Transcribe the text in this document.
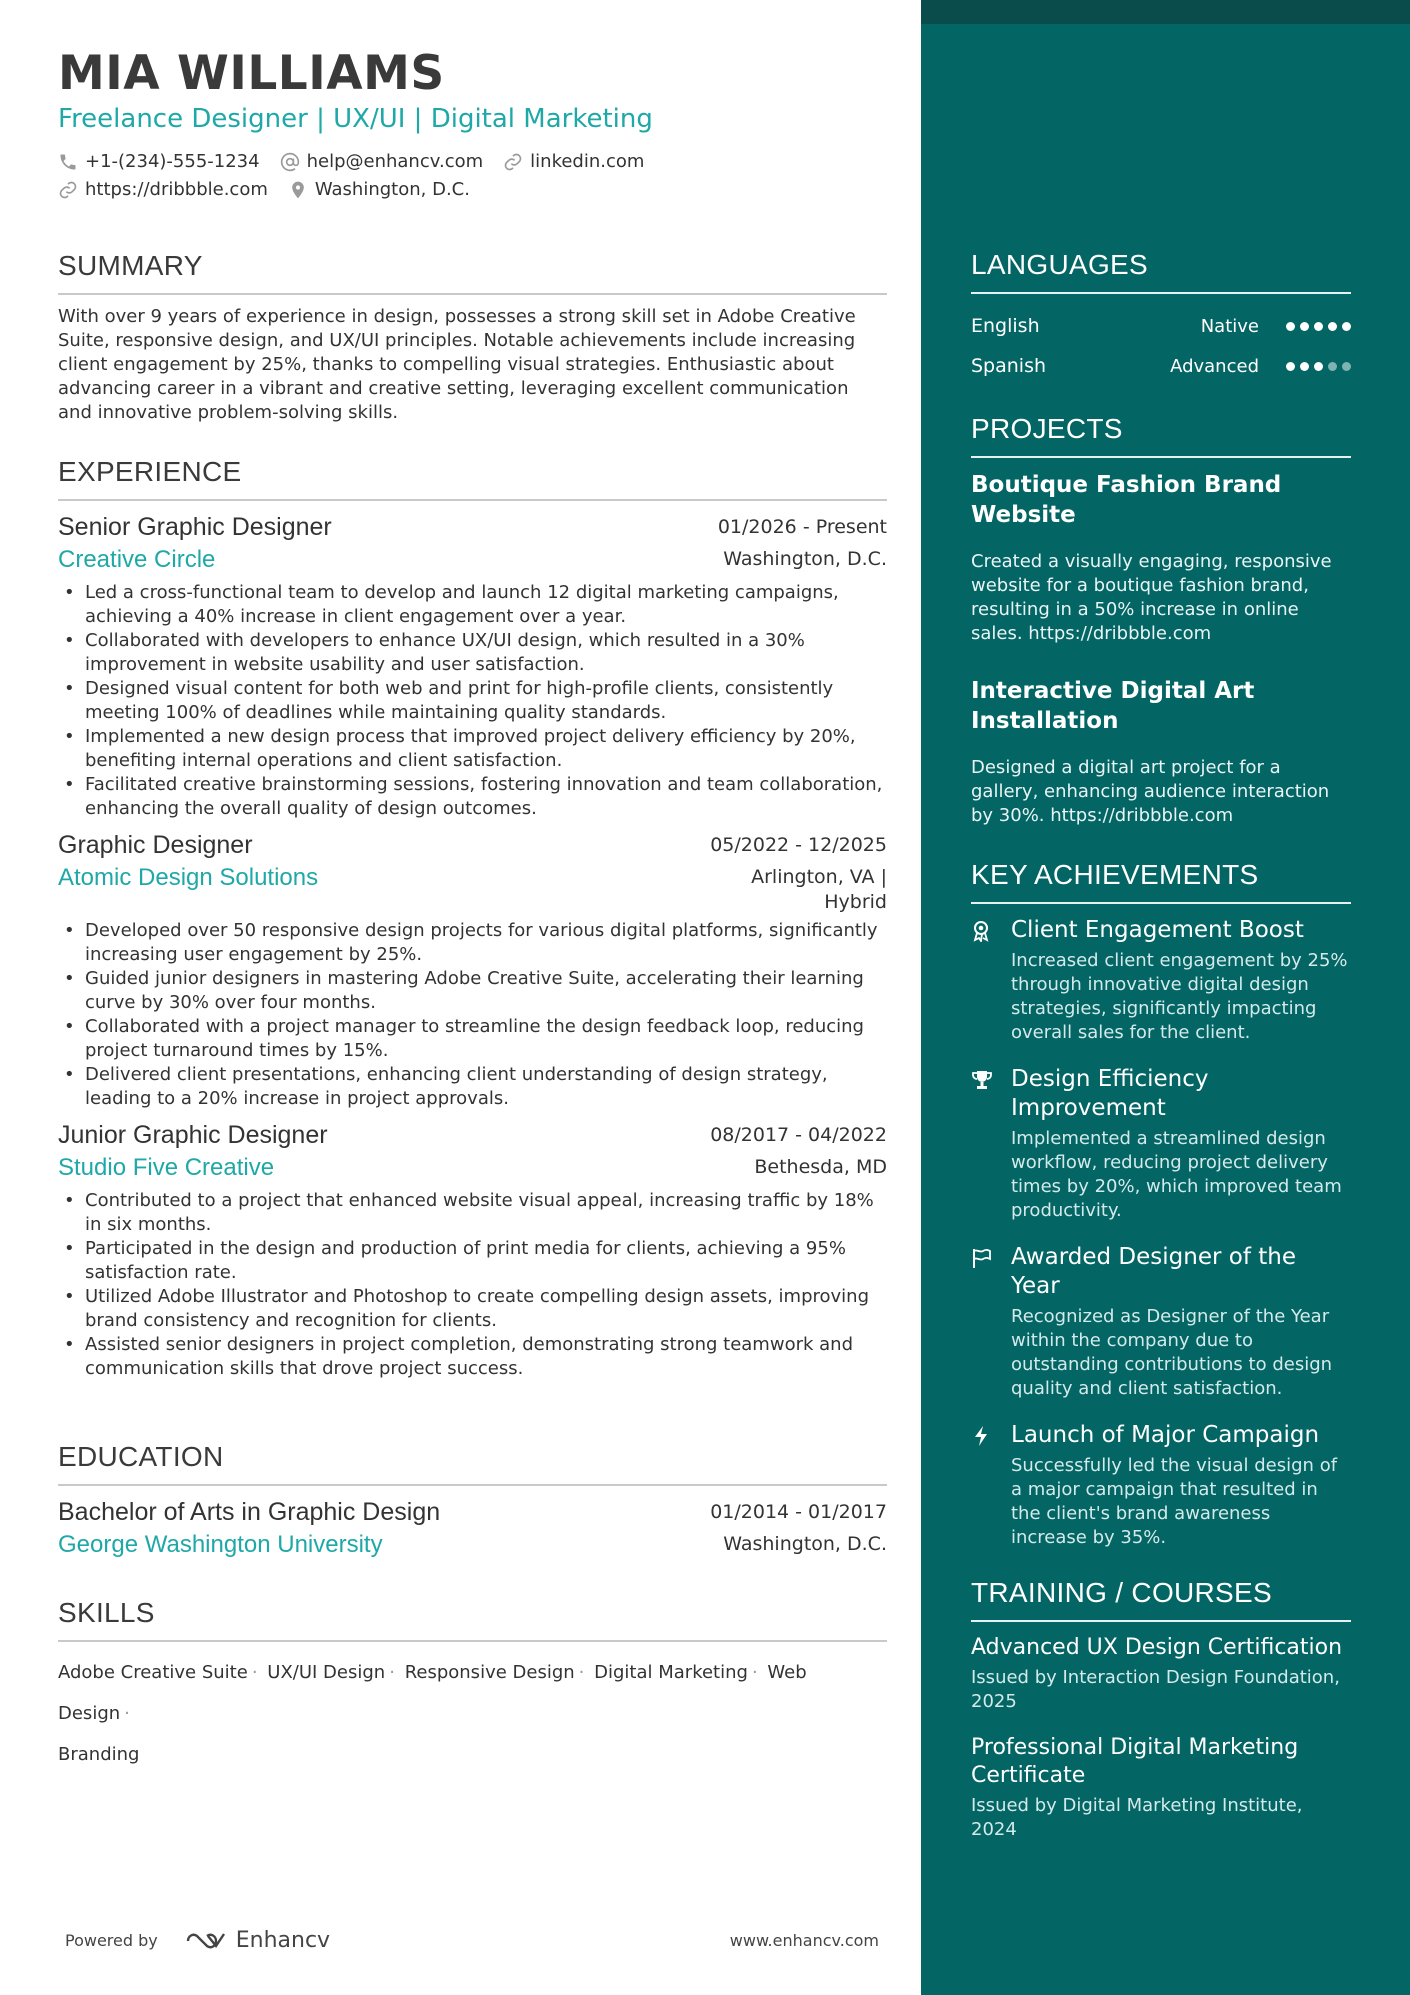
MIA WILLIAMS
Freelance Designer | UX/UI | Digital Marketing
+1-(234)-555-1234	help@enhancv.com	linkedin.com
https://dribbble.com	Washington, D.C.
SUMMARY
With over 9 years of experience in design, possesses a strong skill set in Adobe Creative Suite, responsive design, and UX/UI principles. Notable achievements include increasing client engagement by 25%, thanks to compelling visual strategies. Enthusiastic about advancing career in a vibrant and creative setting, leveraging excellent communication and innovative problem-solving skills.
EXPERIENCE
Senior Graphic Designer	01/2026 - Present
Creative Circle	Washington, D.C.
• Led a cross-functional team to develop and launch 12 digital marketing campaigns, achieving a 40% increase in client engagement over a year.
• Collaborated with developers to enhance UX/UI design, which resulted in a 30% improvement in website usability and user satisfaction.
• Designed visual content for both web and print for high-profile clients, consistently meeting 100% of deadlines while maintaining quality standards.
• Implemented a new design process that improved project delivery efficiency by 20%, benefiting internal operations and client satisfaction.
• Facilitated creative brainstorming sessions, fostering innovation and team collaboration, enhancing the overall quality of design outcomes.
Graphic Designer	05/2022 - 12/2025
Atomic Design Solutions	Arlington, VA | Hybrid
• Developed over 50 responsive design projects for various digital platforms, significantly increasing user engagement by 25%.
• Guided junior designers in mastering Adobe Creative Suite, accelerating their learning curve by 30% over four months.
• Collaborated with a project manager to streamline the design feedback loop, reducing project turnaround times by 15%.
• Delivered client presentations, enhancing client understanding of design strategy, leading to a 20% increase in project approvals.
Junior Graphic Designer	08/2017 - 04/2022
Studio Five Creative	Bethesda, MD
• Contributed to a project that enhanced website visual appeal, increasing traffic by 18% in six months.
• Participated in the design and production of print media for clients, achieving a 95% satisfaction rate.
• Utilized Adobe Illustrator and Photoshop to create compelling design assets, improving brand consistency and recognition for clients.
• Assisted senior designers in project completion, demonstrating strong teamwork and communication skills that drove project success.
EDUCATION
Bachelor of Arts in Graphic Design	01/2014 - 01/2017
George Washington University	Washington, D.C.
SKILLS
Adobe Creative Suite · UX/UI Design · Responsive Design · Digital Marketing · Web Design ·
Branding
Powered by	Enhancv	www.enhancv.com
LANGUAGES
English	Native
Spanish	Advanced
PROJECTS
Boutique Fashion Brand Website
Created a visually engaging, responsive website for a boutique fashion brand, resulting in a 50% increase in online sales. https://dribbble.com
Interactive Digital Art Installation
Designed a digital art project for a gallery, enhancing audience interaction by 30%. https://dribbble.com
KEY ACHIEVEMENTS
Client Engagement Boost
Increased client engagement by 25% through innovative digital design strategies, significantly impacting overall sales for the client.
Design Efficiency Improvement
Implemented a streamlined design workflow, reducing project delivery times by 20%, which improved team productivity.
Awarded Designer of the Year
Recognized as Designer of the Year within the company due to outstanding contributions to design quality and client satisfaction.
Launch of Major Campaign
Successfully led the visual design of a major campaign that resulted in the client's brand awareness increase by 35%.
TRAINING / COURSES
Advanced UX Design Certification
Issued by Interaction Design Foundation, 2025
Professional Digital Marketing Certificate
Issued by Digital Marketing Institute, 2024
